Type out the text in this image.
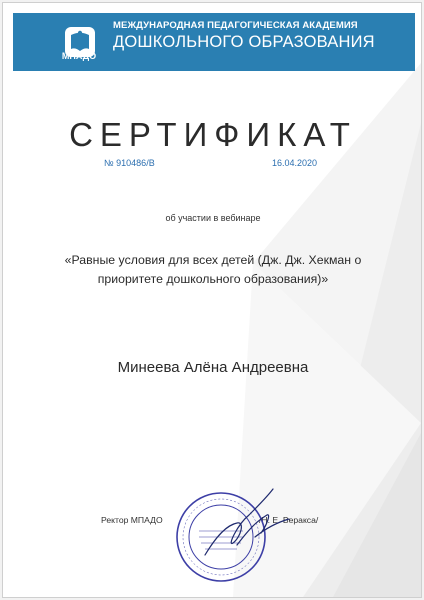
МПАДО
МЕЖДУНАРОДНАЯ ПЕДАГОГИЧЕСКАЯ АКАДЕМИЯ
ДОШКОЛЬНОГО ОБРАЗОВАНИЯ
СЕРТИФИКАТ
№ 910486/В	16.04.2020
об участии в вебинаре
«Равные условия для всех детей (Дж. Дж. Хекман о приоритете дошкольного образования)»
Минеева Алёна Андреевна
Ректор МПАДО	/Н. Е. Веракса/
